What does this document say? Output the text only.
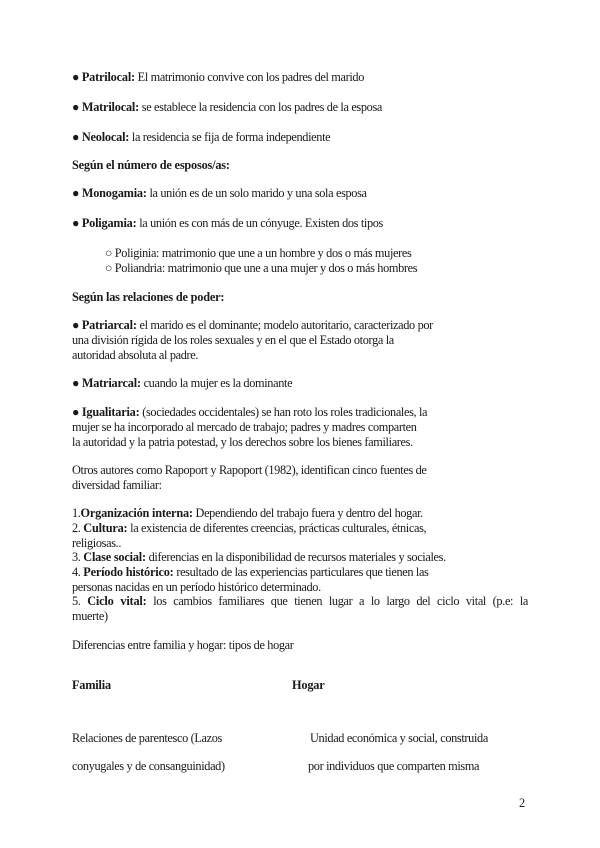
● Patrilocal: El matrimonio convive con los padres del marido
● Matrilocal: se establece la residencia con los padres de la esposa
● Neolocal: la residencia se fija de forma independiente
Según el número de esposos/as:
● Monogamia: la unión es de un solo marido y una sola esposa
● Poligamia: la unión es con más de un cónyuge. Existen dos tipos
○ Poliginia: matrimonio que une a un hombre y dos o más mujeres
○ Poliandria: matrimonio que une a una mujer y dos o más hombres
Según las relaciones de poder:
● Patriarcal: el marido es el dominante; modelo autoritario, caracterizado por
una división rígida de los roles sexuales y en el que el Estado otorga la
autoridad absoluta al padre.
● Matriarcal: cuando la mujer es la dominante
● Igualitaria: (sociedades occidentales) se han roto los roles tradicionales, la
mujer se ha incorporado al mercado de trabajo; padres y madres comparten
la autoridad y la patria potestad, y los derechos sobre los bienes familiares.
Otros autores como Rapoport y Rapoport (1982), identifican cinco fuentes de
diversidad familiar:
1.Organización interna: Dependiendo del trabajo fuera y dentro del hogar.
2. Cultura: la existencia de diferentes creencias, prácticas culturales, étnicas,
religiosas..
3. Clase social: diferencias en la disponibilidad de recursos materiales y sociales.
4. Período histórico: resultado de las experiencias particulares que tienen las
personas nacidas en un período histórico determinado.
5. Ciclo vital: los cambios familiares que tienen lugar a lo largo del ciclo vital (p.e: la
muerte)
Diferencias entre familia y hogar: tipos de hogar
Familia	Hogar
Relaciones de parentesco (Lazos	Unidad económica y social, construida
conyugales y de consanguinidad)	por individuos que comparten misma
2
